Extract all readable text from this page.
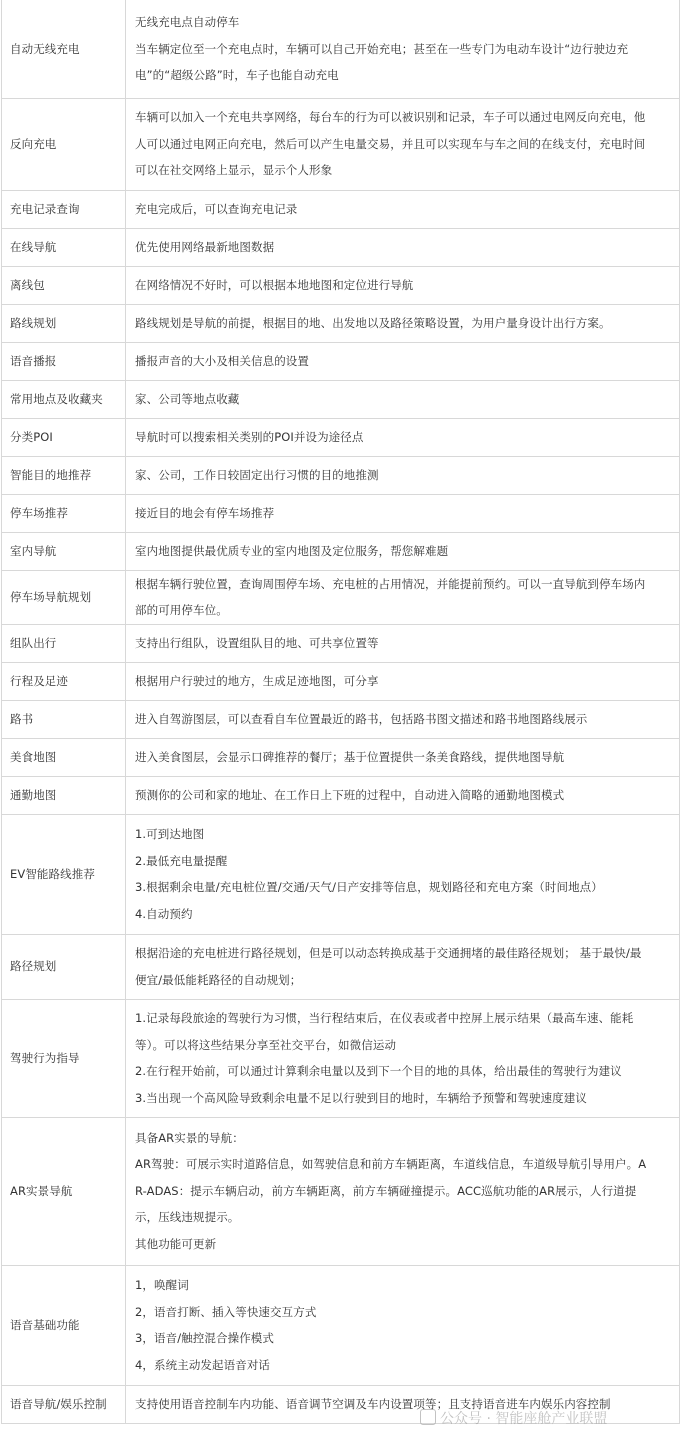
自动无线充电	无线充电点自动停车
当车辆定位至一个充电点时，车辆可以自己开始充电；甚至在一些专门为电动车设计“边行驶边充
电”的“超级公路”时，车子也能自动充电

反向充电	车辆可以加入一个充电共享网络，每台车的行为可以被识别和记录，车子可以通过电网反向充电，他
人可以通过电网正向充电，然后可以产生电量交易，并且可以实现车与车之间的在线支付，充电时间
可以在社交网络上显示，显示个人形象

充电记录查询	充电完成后，可以查询充电记录

在线导航	优先使用网络最新地图数据

离线包	在网络情况不好时，可以根据本地地图和定位进行导航

路线规划	路线规划是导航的前提，根据目的地、出发地以及路径策略设置，为用户量身设计出行方案。

语音播报	播报声音的大小及相关信息的设置

常用地点及收藏夹	家、公司等地点收藏

分类POI	导航时可以搜索相关类别的POI并设为途径点

智能目的地推荐	家、公司，工作日较固定出行习惯的目的地推测

停车场推荐	接近目的地会有停车场推荐

室内导航	室内地图提供最优质专业的室内地图及定位服务，帮您解难题

停车场导航规划	根据车辆行驶位置，查询周围停车场、充电桩的占用情况，并能提前预约。可以一直导航到停车场内
部的可用停车位。

组队出行	支持出行组队，设置组队目的地、可共享位置等

行程及足迹	根据用户行驶过的地方，生成足迹地图，可分享

路书	进入自驾游图层，可以查看自车位置最近的路书，包括路书图文描述和路书地图路线展示

美食地图	进入美食图层，会显示口碑推荐的餐厅；基于位置提供一条美食路线，提供地图导航

通勤地图	预测你的公司和家的地址、在工作日上下班的过程中，自动进入简略的通勤地图模式

EV智能路线推荐	1.可到达地图
2.最低充电量提醒
3.根据剩余电量/充电桩位置/交通/天气/日产安排等信息，规划路径和充电方案（时间地点）
4.自动预约

路径规划	根据沿途的充电桩进行路径规划，但是可以动态转换成基于交通拥堵的最佳路径规划； 基于最快/最
便宜/最低能耗路径的自动规划；

驾驶行为指导	1.记录每段旅途的驾驶行为习惯，当行程结束后，在仪表或者中控屏上展示结果（最高车速、能耗
等）。可以将这些结果分享至社交平台，如微信运动
2.在行程开始前，可以通过计算剩余电量以及到下一个目的地的具体，给出最佳的驾驶行为建议
3.当出现一个高风险导致剩余电量不足以行驶到目的地时，车辆给予预警和驾驶速度建议

AR实景导航	具备AR实景的导航：
AR驾驶：可展示实时道路信息，如驾驶信息和前方车辆距离，车道线信息，车道级导航引导用户。A
R-ADAS：提示车辆启动，前方车辆距离，前方车辆碰撞提示。ACC巡航功能的AR展示，人行道提
示，压线违规提示。
其他功能可更新

语音基础功能	1，唤醒词
2，语音打断、插入等快速交互方式
3，语音/触控混合操作模式
4，系统主动发起语音对话

语音导航/娱乐控制	支持使用语音控制车内功能、语音调节空调及车内设置项等；且支持语音进车内娱乐内容控制
公众号 · 智能座舱产业联盟
